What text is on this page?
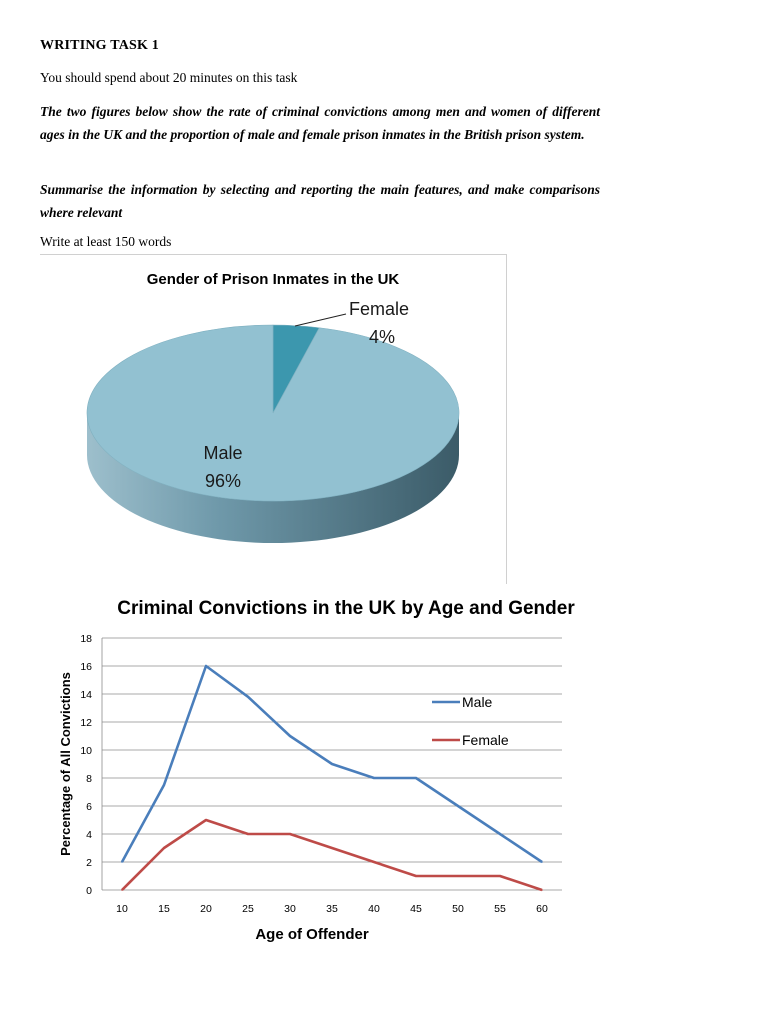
WRITING TASK 1

You should spend about 20 minutes on this task

The two figures below show the rate of criminal convictions among men and women of different ages in the UK and the proportion of male and female prison inmates in the British prison system.

Summarise the information by selecting and reporting the main features, and make comparisons where relevant

Write at least 150 words

Gender of Prison Inmates in the UK
Male
96%
Female
4%
Criminal Convictions in the UK by Age and Gender
0
2
4
6
8
10
12
14
16
18
10	15	20	25	30	35	40	45	50	55	60
Male
Female
Age of Offender
Percentage of All Convictions
